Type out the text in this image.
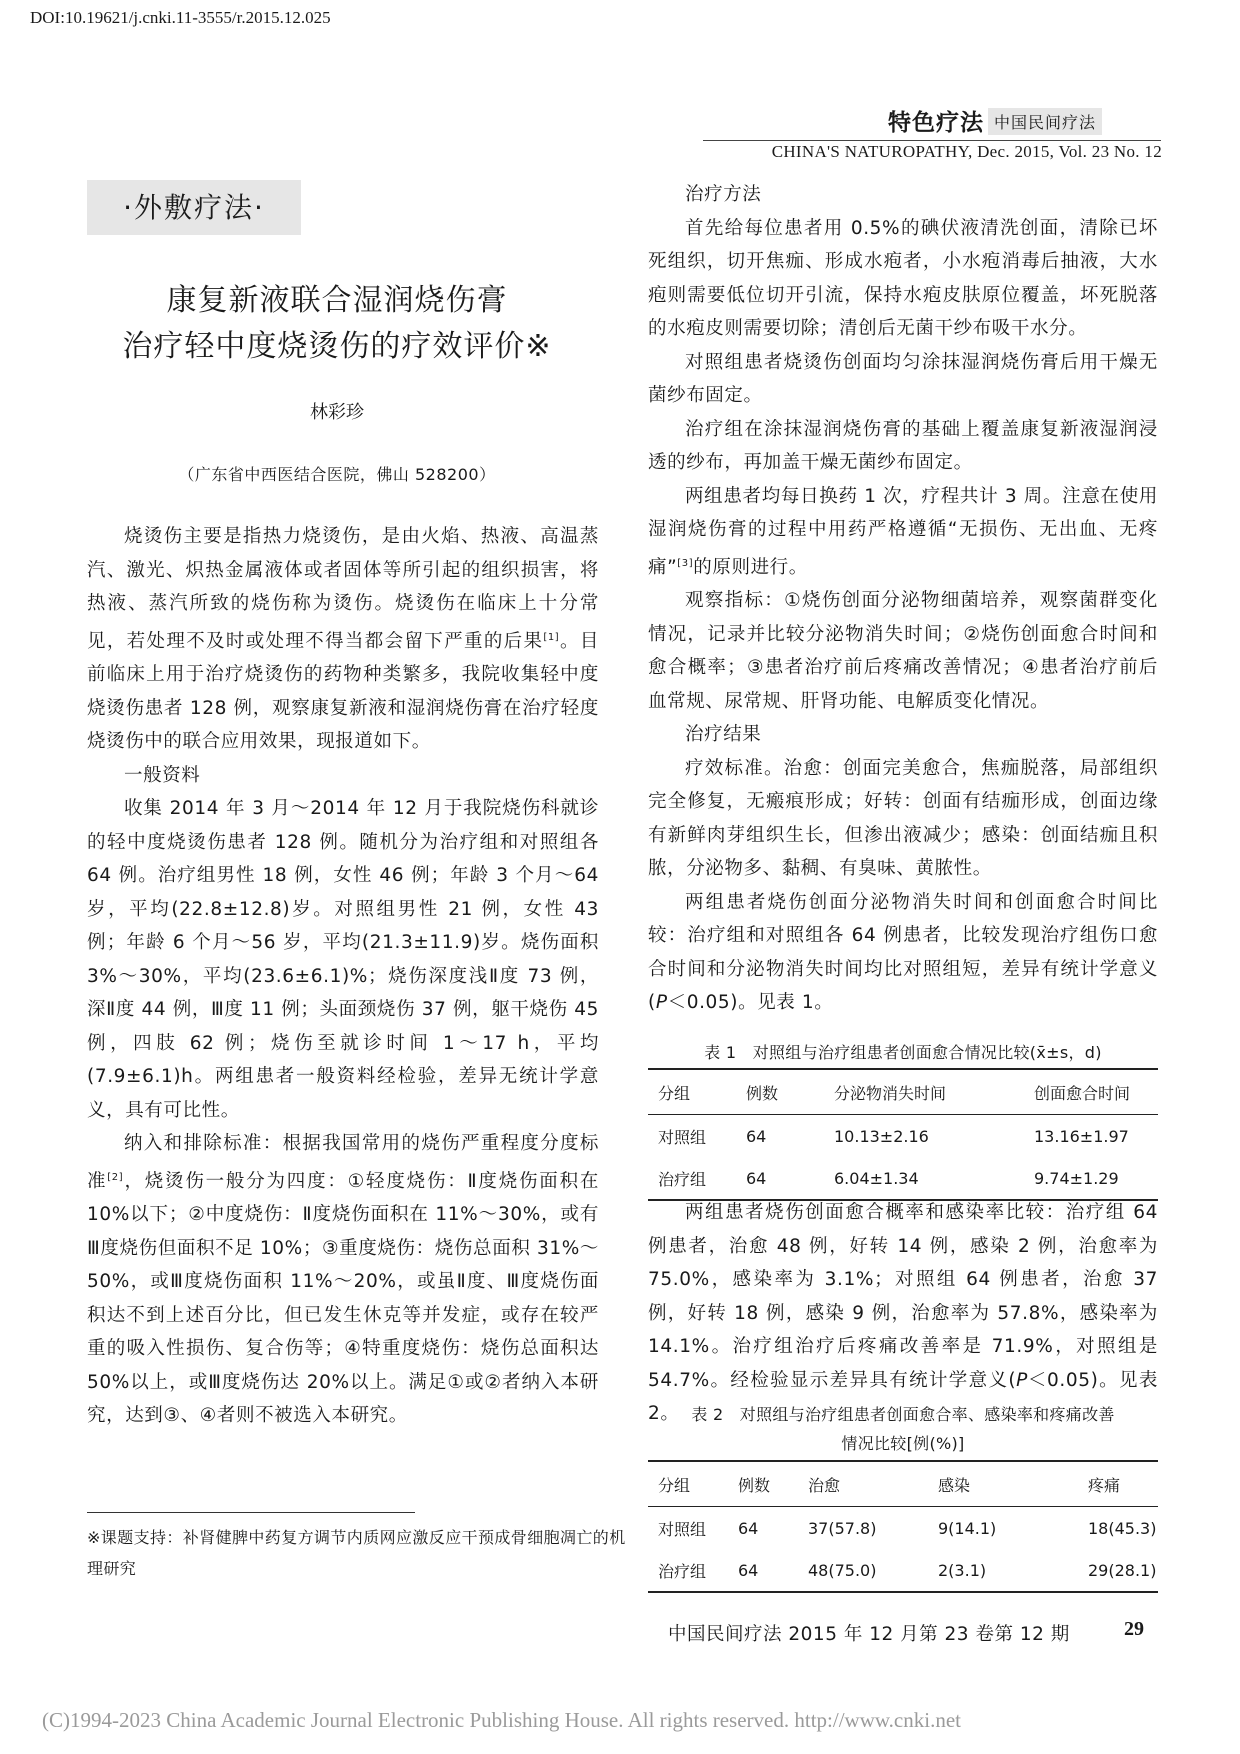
DOI:10.19621/j.cnki.11-3555/r.2015.12.025
特色疗法 中国民间疗法
CHINA'S NATUROPATHY, Dec. 2015, Vol. 23 No. 12
·外敷疗法·
康复新液联合湿润烧伤膏
治疗轻中度烧烫伤的疗效评价※
林彩珍
（广东省中西医结合医院，佛山 528200）

烧烫伤主要是指热力烧烫伤，是由火焰、热液、高温蒸汽、激光、炽热金属液体或者固体等所引起的组织损害，将热液、蒸汽所致的烧伤称为烫伤。烧烫伤在临床上十分常见，若处理不及时或处理不得当都会留下严重的后果[1]。目前临床上用于治疗烧烫伤的药物种类繁多，我院收集轻中度烧烫伤患者 128 例，观察康复新液和湿润烧伤膏在治疗轻度烧烫伤中的联合应用效果，现报道如下。

一般资料

收集 2014 年 3 月～2014 年 12 月于我院烧伤科就诊的轻中度烧烫伤患者 128 例。随机分为治疗组和对照组各 64 例。治疗组男性 18 例，女性 46 例；年龄 3 个月～64 岁，平均(22.8±12.8)岁。对照组男性 21 例，女性 43 例；年龄 6 个月～56 岁，平均(21.3±11.9)岁。烧伤面积 3%～30%，平均(23.6±6.1)%；烧伤深度浅Ⅱ度 73 例，深Ⅱ度 44 例，Ⅲ度 11 例；头面颈烧伤 37 例，躯干烧伤 45 例，四肢 62 例；烧伤至就诊时间 1～17 h，平均(7.9±6.1)h。两组患者一般资料经检验，差异无统计学意义，具有可比性。

纳入和排除标准：根据我国常用的烧伤严重程度分度标准[2]，烧烫伤一般分为四度：①轻度烧伤：Ⅱ度烧伤面积在 10%以下；②中度烧伤：Ⅱ度烧伤面积在 11%～30%，或有Ⅲ度烧伤但面积不足 10%；③重度烧伤：烧伤总面积 31%～50%，或Ⅲ度烧伤面积 11%～20%，或虽Ⅱ度、Ⅲ度烧伤面积达不到上述百分比，但已发生休克等并发症，或存在较严重的吸入性损伤、复合伤等；④特重度烧伤：烧伤总面积达 50%以上，或Ⅲ度烧伤达 20%以上。满足①或②者纳入本研究，达到③、④者则不被选入本研究。

※课题支持：补肾健脾中药复方调节内质网应激反应干预成骨细胞凋亡的机理研究

治疗方法

首先给每位患者用 0.5%的碘伏液清洗创面，清除已坏死组织，切开焦痂、形成水疱者，小水疱消毒后抽液，大水疱则需要低位切开引流，保持水疱皮肤原位覆盖，坏死脱落的水疱皮则需要切除；清创后无菌干纱布吸干水分。

对照组患者烧烫伤创面均匀涂抹湿润烧伤膏后用干燥无菌纱布固定。

治疗组在涂抹湿润烧伤膏的基础上覆盖康复新液湿润浸透的纱布，再加盖干燥无菌纱布固定。

两组患者均每日换药 1 次，疗程共计 3 周。注意在使用湿润烧伤膏的过程中用药严格遵循“无损伤、无出血、无疼痛”[3]的原则进行。

观察指标：①烧伤创面分泌物细菌培养，观察菌群变化情况，记录并比较分泌物消失时间；②烧伤创面愈合时间和愈合概率；③患者治疗前后疼痛改善情况；④患者治疗前后血常规、尿常规、肝肾功能、电解质变化情况。

治疗结果

疗效标准。治愈：创面完美愈合，焦痂脱落，局部组织完全修复，无瘢痕形成；好转：创面有结痂形成，创面边缘有新鲜肉芽组织生长，但渗出液减少；感染：创面结痂且积脓，分泌物多、黏稠、有臭味、黄脓性。

两组患者烧伤创面分泌物消失时间和创面愈合时间比较：治疗组和对照组各 64 例患者，比较发现治疗组伤口愈合时间和分泌物消失时间均比对照组短，差异有统计学意义(P＜0.05)。见表 1。

表 1　对照组与治疗组患者创面愈合情况比较(x̄±s，d)
分组	例数	分泌物消失时间	创面愈合时间
对照组	64	10.13±2.16	13.16±1.97
治疗组	64	6.04±1.34	9.74±1.29

两组患者烧伤创面愈合概率和感染率比较：治疗组 64 例患者，治愈 48 例，好转 14 例，感染 2 例，治愈率为 75.0%，感染率为 3.1%；对照组 64 例患者，治愈 37 例，好转 18 例，感染 9 例，治愈率为 57.8%，感染率为 14.1%。治疗组治疗后疼痛改善率是 71.9%，对照组是 54.7%。经检验显示差异具有统计学意义(P＜0.05)。见表 2。 表 2　对照组与治疗组患者创面愈合率、感染率和疼痛改善
情况比较[例(%)]
分组	例数	治愈	感染	疼痛
对照组	64	37(57.8)	9(14.1)	18(45.3)
治疗组	64	48(75.0)	2(3.1)	29(28.1)
中国民间疗法 2015 年 12 月第 23 卷第 12 期	29
(C)1994-2023 China Academic Journal Electronic Publishing House. All rights reserved. http://www.cnki.net
